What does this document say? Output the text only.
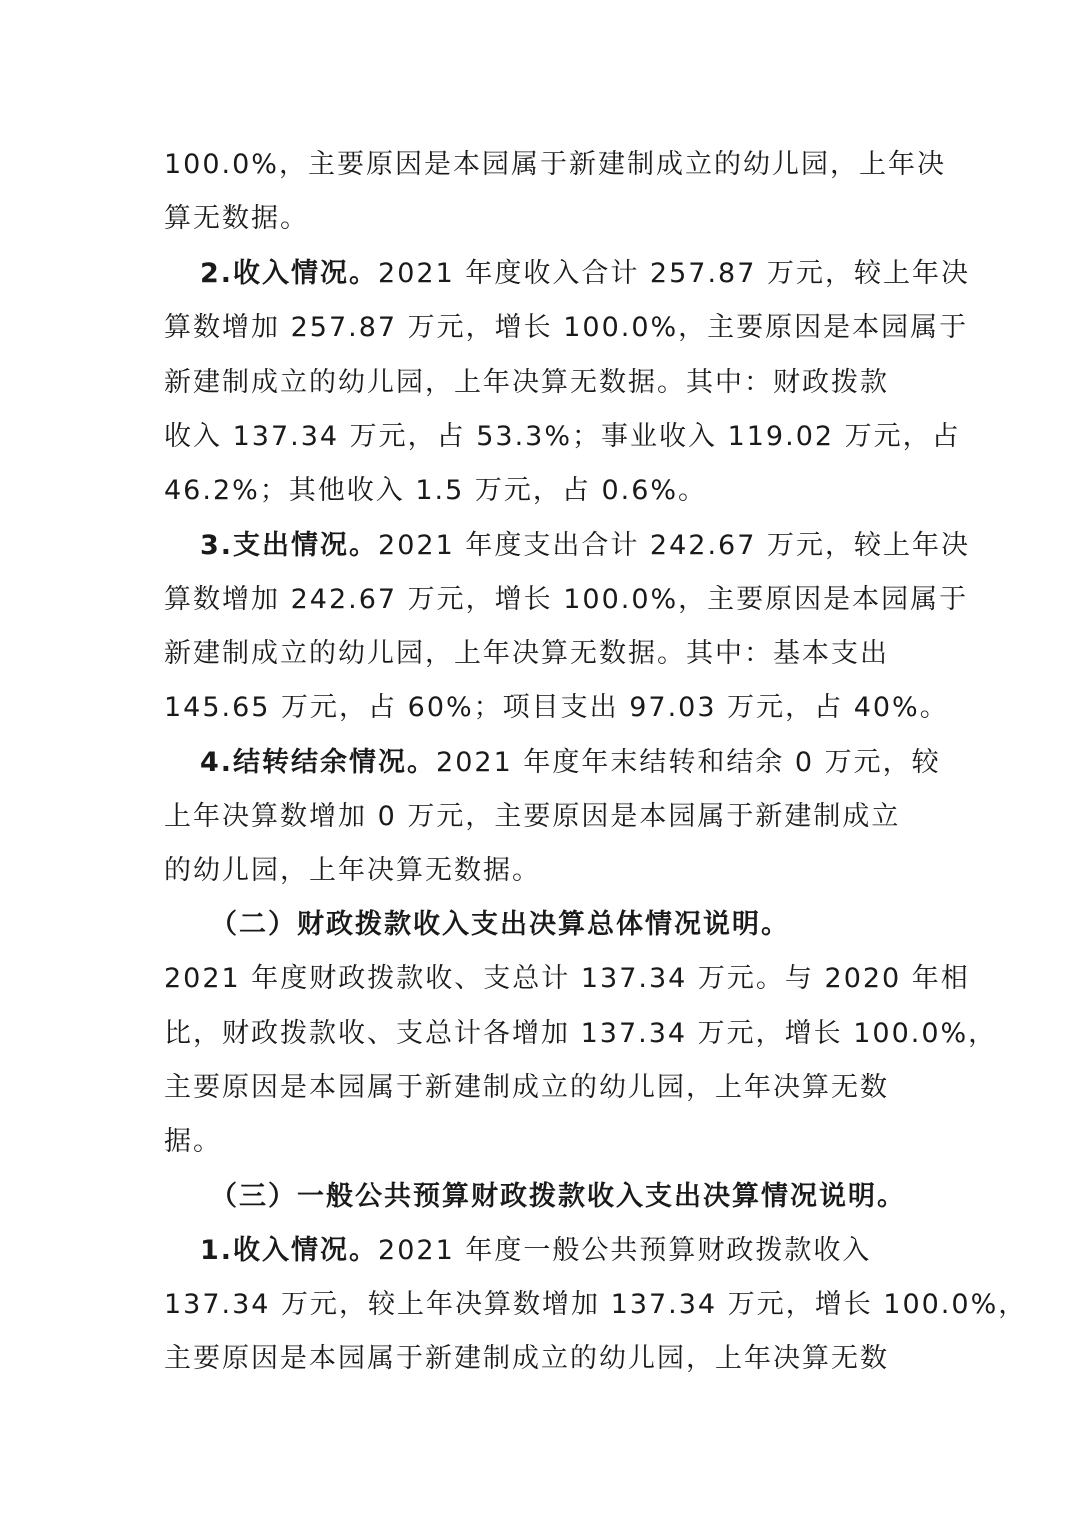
100.0%，主要原因是本园属于新建制成立的幼儿园，上年决
算无数据。
2.收入情况。2021 年度收入合计 257.87 万元，较上年决
算数增加 257.87 万元，增长 100.0%，主要原因是本园属于
新建制成立的幼儿园，上年决算无数据。其中：财政拨款
收入 137.34 万元，占 53.3%；事业收入 119.02 万元，占
46.2%；其他收入 1.5 万元，占 0.6%。
3.支出情况。2021 年度支出合计 242.67 万元，较上年决
算数增加 242.67 万元，增长 100.0%，主要原因是本园属于
新建制成立的幼儿园，上年决算无数据。其中：基本支出
145.65 万元，占 60%；项目支出 97.03 万元，占 40%。
4.结转结余情况。2021 年度年末结转和结余 0 万元，较
上年决算数增加 0 万元，主要原因是本园属于新建制成立
的幼儿园，上年决算无数据。
（二）财政拨款收入支出决算总体情况说明。
2021 年度财政拨款收、支总计 137.34 万元。与 2020 年相
比，财政拨款收、支总计各增加 137.34 万元，增长 100.0%，
主要原因是本园属于新建制成立的幼儿园，上年决算无数
据。
（三）一般公共预算财政拨款收入支出决算情况说明。
1.收入情况。2021 年度一般公共预算财政拨款收入
137.34 万元，较上年决算数增加 137.34 万元，增长 100.0%，
主要原因是本园属于新建制成立的幼儿园，上年决算无数
